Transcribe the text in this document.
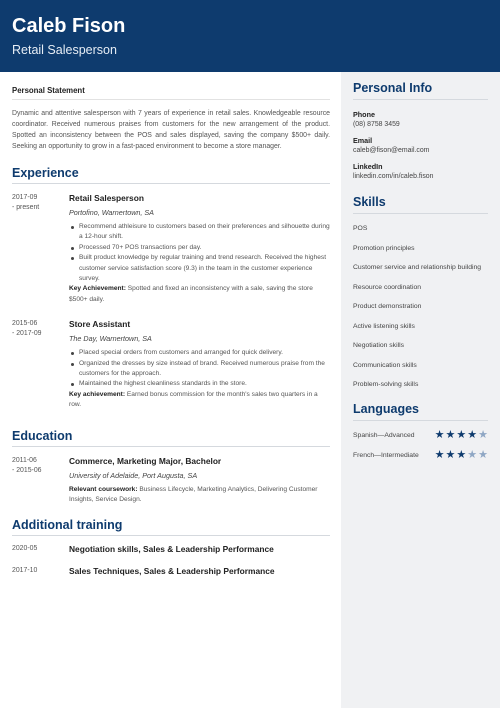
Caleb Fison
Retail Salesperson
Personal Statement
Dynamic and attentive salesperson with 7 years of experience in retail sales. Knowledgeable resource coordinator. Received numerous praises from customers for the new arrangement of the product. Spotted an inconsistency between the POS and sales displayed, saving the company $500+ daily. Seeking an opportunity to grow in a fast-paced environment to become a store manager.
Experience
2017-09
- present
Retail Salesperson
Portofino, Warnertown, SA
Recommend athleisure to customers based on their preferences and silhouette during a 12-hour shift.
Processed 70+ POS transactions per day.
Built product knowledge by regular training and trend research. Received the highest customer service satisfaction score (9.3) in the team in the customer experience survey.
Key Achievement: Spotted and fixed an inconsistency with a sale, saving the store $500+ daily.
2015-06
- 2017-09
Store Assistant
The Day, Warnertown, SA
Placed special orders from customers and arranged for quick delivery.
Organized the dresses by size instead of brand. Received numerous praise from the customers for the approach.
Maintained the highest cleanliness standards in the store.
Key achievement: Earned bonus commission for the month's sales two quarters in a row.
Education
2011-06
- 2015-06
Commerce, Marketing Major, Bachelor
University of Adelaide, Port Augusta, SA
Relevant coursework: Business Lifecycle, Marketing Analytics, Delivering Customer Insights, Service Design.
Additional training
2020-05	Negotiation skills, Sales & Leadership Performance
2017-10	Sales Techniques, Sales & Leadership Performance
Personal Info
Phone
(08) 8758 3459
Email
caleb@fison@email.com
LinkedIn
linkedin.com/in/caleb.fison
Skills
POS
Promotion principles
Customer service and relationship building
Resource coordination
Product demonstration
Active listening skills
Negotiation skills
Communication skills
Problem-solving skills
Languages
Spanish—Advanced ★ ★ ★ ★ ★
French—Intermediate ★ ★ ★ ★ ★
